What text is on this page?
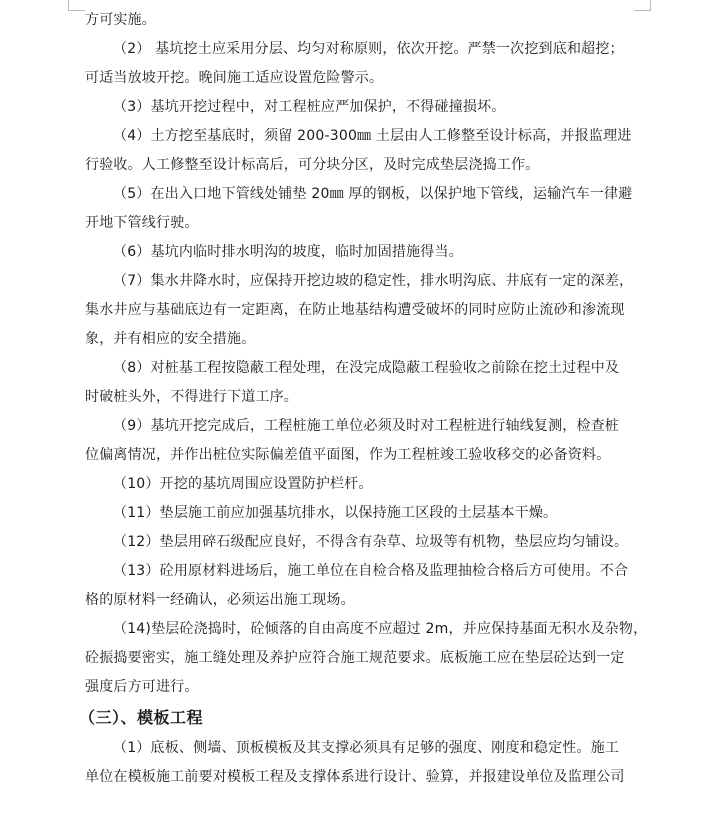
方可实施。
（2） 基坑挖土应采用分层、均匀对称原则，依次开挖。严禁一次挖到底和超挖；
可适当放坡开挖。晚间施工适应设置危险警示。
（3）基坑开挖过程中，对工程桩应严加保护，不得碰撞损坏。
（4）土方挖至基底时，须留 200-300㎜ 土层由人工修整至设计标高，并报监理进
行验收。人工修整至设计标高后，可分块分区，及时完成垫层浇捣工作。
（5）在出入口地下管线处铺垫 20㎜ 厚的钢板，以保护地下管线，运输汽车一律避
开地下管线行驶。
（6）基坑内临时排水明沟的坡度，临时加固措施得当。
（7）集水井降水时，应保持开挖边坡的稳定性，排水明沟底、井底有一定的深差，
集水井应与基础底边有一定距离，在防止地基结构遭受破坏的同时应防止流砂和渗流现
象，并有相应的安全措施。
（8）对桩基工程按隐蔽工程处理，在没完成隐蔽工程验收之前除在挖土过程中及
时破桩头外，不得进行下道工序。
（9）基坑开挖完成后，工程桩施工单位必须及时对工程桩进行轴线复测，检查桩
位偏离情况，并作出桩位实际偏差值平面图，作为工程桩竣工验收移交的必备资料。
（10）开挖的基坑周围应设置防护栏杆。
（11）垫层施工前应加强基坑排水，以保持施工区段的土层基本干燥。
（12）垫层用碎石级配应良好，不得含有杂草、垃圾等有机物，垫层应均匀铺设。
（13）砼用原材料进场后，施工单位在自检合格及监理抽检合格后方可使用。不合
格的原材料一经确认，必须运出施工现场。
（14)垫层砼浇捣时，砼倾落的自由高度不应超过 2m，并应保持基面无积水及杂物，
砼振捣要密实，施工缝处理及养护应符合施工规范要求。底板施工应在垫层砼达到一定
强度后方可进行。
（三）、模板工程
（1）底板、侧墙、顶板模板及其支撑必须具有足够的强度、刚度和稳定性。施工
单位在模板施工前要对模板工程及支撑体系进行设计、验算，并报建设单位及监理公司
